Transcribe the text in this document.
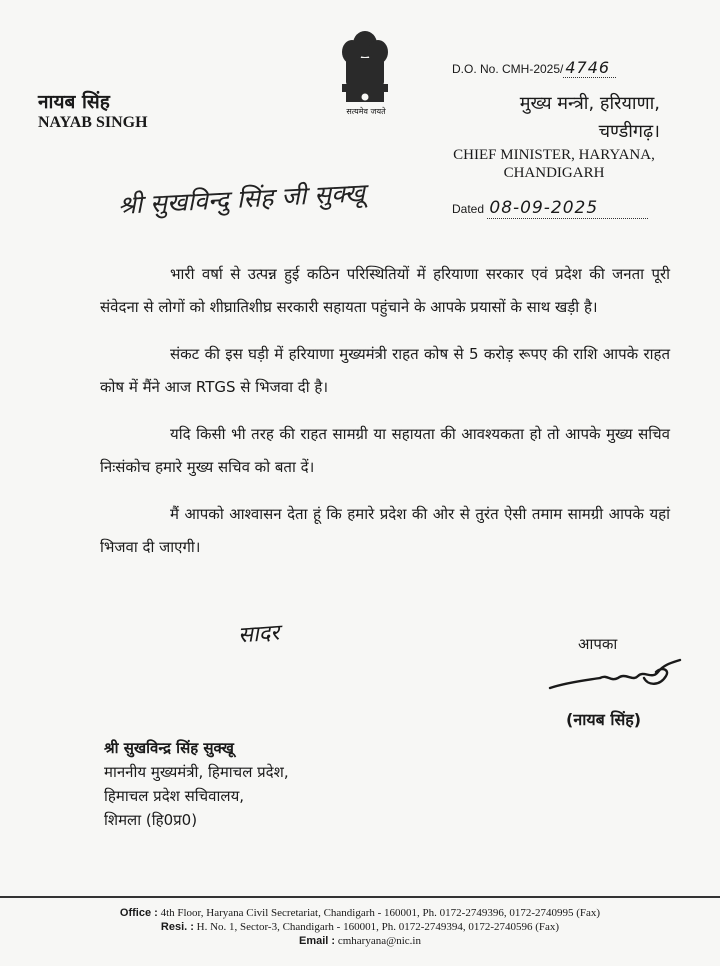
सत्यमेव जयते
D.O. No. CMH-2025/ 4746
नायब सिंह
NAYAB SINGH
मुख्य मन्त्री, हरियाणा,
चण्डीगढ़।
CHIEF MINISTER, HARYANA,
CHANDIGARH
श्री सुखविन्दु सिंह जी सुक्खू	Dated 08-09-2025

भारी वर्षा से उत्पन्न हुई कठिन परिस्थितियों में हरियाणा सरकार एवं प्रदेश की जनता पूरी संवेदना से लोगों को शीघ्रातिशीघ्र सरकारी सहायता पहुंचाने के आपके प्रयासों के साथ खड़ी है।

संकट की इस घड़ी में हरियाणा मुख्यमंत्री राहत कोष से 5 करोड़ रूपए की राशि आपके राहत कोष में मैंने आज RTGS से भिजवा दी है।

यदि किसी भी तरह की राहत सामग्री या सहायता की आवश्यकता हो तो आपके मुख्य सचिव निःसंकोच हमारे मुख्य सचिव को बता दें।

मैं आपको आश्वासन देता हूं कि हमारे प्रदेश की ओर से तुरंत ऐसी तमाम सामग्री आपके यहां भिजवा दी जाएगी।

सादर	आपका
(नायब सिंह)
श्री सुखविन्द्र सिंह सुक्खू
माननीय मुख्यमंत्री, हिमाचल प्रदेश,
हिमाचल प्रदेश सचिवालय,
शिमला (हि0प्र0)
Office : 4th Floor, Haryana Civil Secretariat, Chandigarh - 160001, Ph. 0172-2749396, 0172-2740995 (Fax)
Resi. : H. No. 1, Sector-3, Chandigarh - 160001, Ph. 0172-2749394, 0172-2740596 (Fax)
Email : cmharyana@nic.in
